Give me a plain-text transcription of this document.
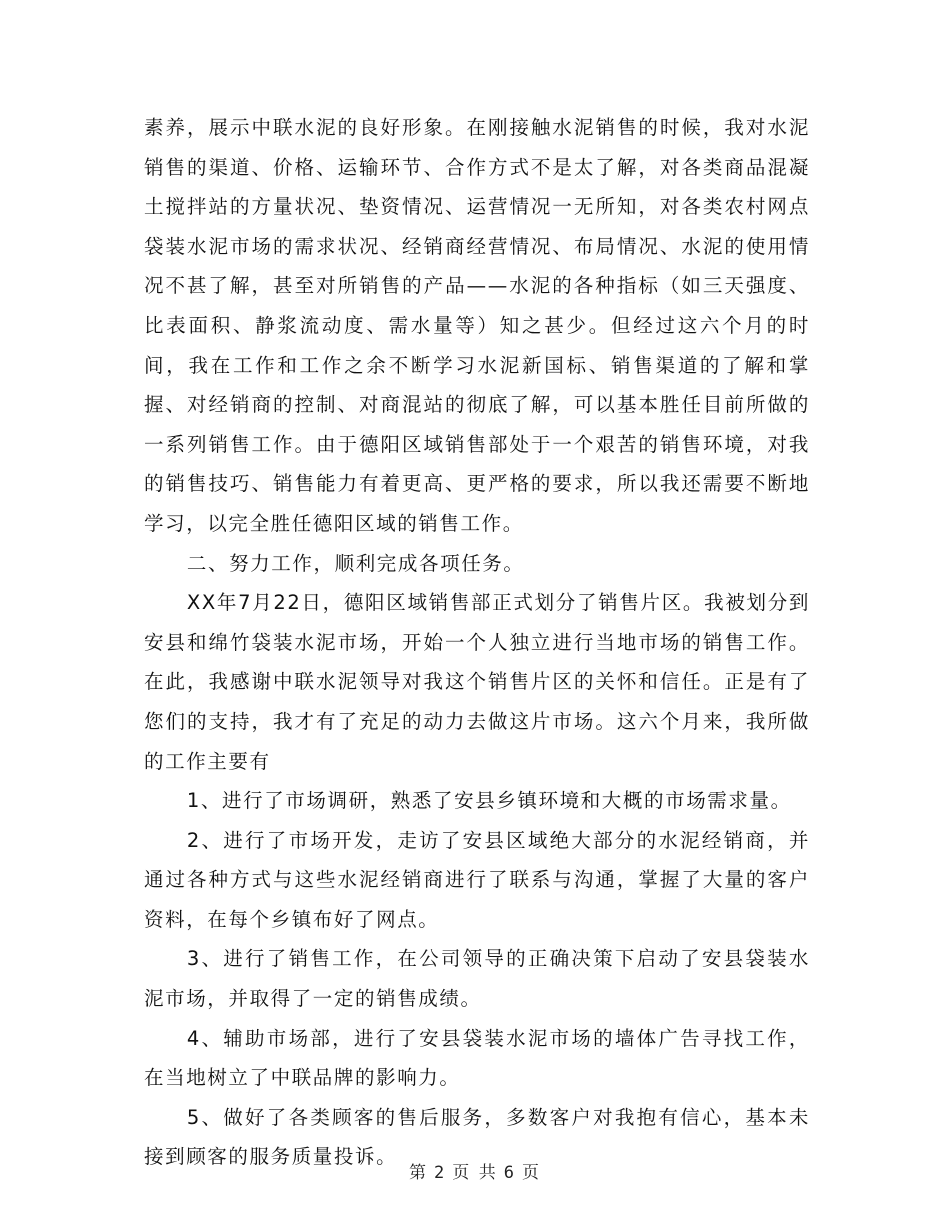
素养，展示中联水泥的良好形象。在刚接触水泥销售的时候，我对水泥销售的渠道、价格、运输环节、合作方式不是太了解，对各类商品混凝土搅拌站的方量状况、垫资情况、运营情况一无所知，对各类农村网点袋装水泥市场的需求状况、经销商经营情况、布局情况、水泥的使用情况不甚了解，甚至对所销售的产品——水泥的各种指标（如三天强度、比表面积、静浆流动度、需水量等）知之甚少。但经过这六个月的时间，我在工作和工作之余不断学习水泥新国标、销售渠道的了解和掌握、对经销商的控制、对商混站的彻底了解，可以基本胜任目前所做的一系列销售工作。由于德阳区域销售部处于一个艰苦的销售环境，对我的销售技巧、销售能力有着更高、更严格的要求，所以我还需要不断地学习，以完全胜任德阳区域的销售工作。

二、努力工作，顺利完成各项任务。

XX年7月22日，德阳区域销售部正式划分了销售片区。我被划分到安县和绵竹袋装水泥市场，开始一个人独立进行当地市场的销售工作。在此，我感谢中联水泥领导对我这个销售片区的关怀和信任。正是有了您们的支持，我才有了充足的动力去做这片市场。这六个月来，我所做的工作主要有

1、进行了市场调研，熟悉了安县乡镇环境和大概的市场需求量。

2、进行了市场开发，走访了安县区域绝大部分的水泥经销商，并通过各种方式与这些水泥经销商进行了联系与沟通，掌握了大量的客户资料，在每个乡镇布好了网点。

3、进行了销售工作，在公司领导的正确决策下启动了安县袋装水泥市场，并取得了一定的销售成绩。

4、辅助市场部，进行了安县袋装水泥市场的墙体广告寻找工作，在当地树立了中联品牌的影响力。

5、做好了各类顾客的售后服务，多数客户对我抱有信心，基本未接到顾客的服务质量投诉。

第 2 页 共 6 页
